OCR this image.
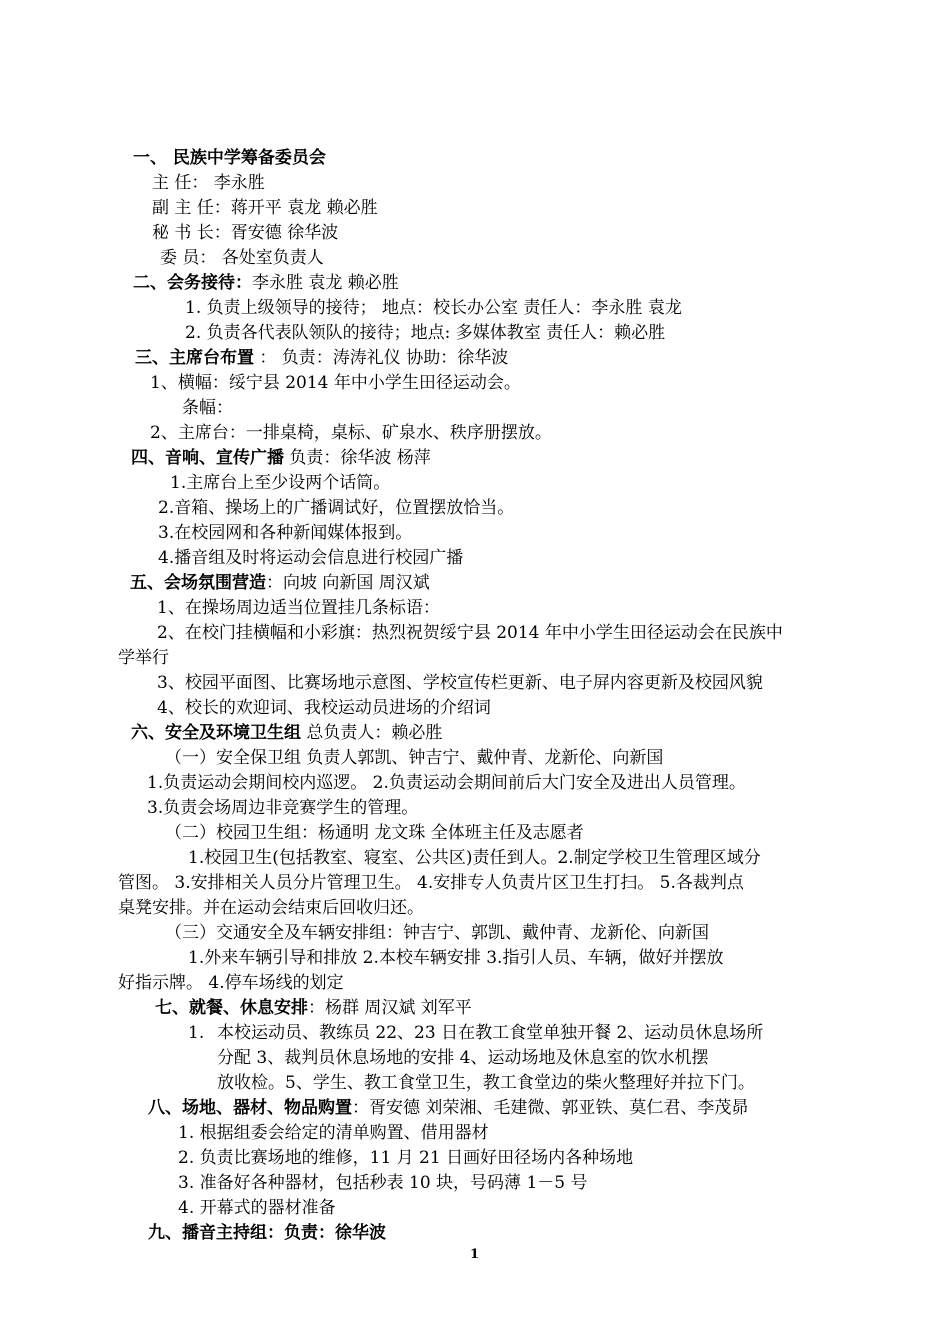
一、 民族中学筹备委员会
主 任： 李永胜
副 主 任：蒋开平 袁龙 赖必胜
秘 书 长：胥安德 徐华波
委 员： 各处室负责人
二、会务接待：李永胜 袁龙 赖必胜
1. 负责上级领导的接待； 地点：校长办公室 责任人：李永胜 袁龙
2. 负责各代表队领队的接待；地点: 多媒体教室 责任人：赖必胜
三、主席台布置 ： 负责：涛涛礼仪 协助：徐华波
1、横幅：绥宁县 2014 年中小学生田径运动会。
条幅：
2、主席台：一排桌椅，桌标、矿泉水、秩序册摆放。
四、音响、宣传广播 负责：徐华波 杨萍
1.主席台上至少设两个话筒。
2.音箱、操场上的广播调试好，位置摆放恰当。
3.在校园网和各种新闻媒体报到。
4.播音组及时将运动会信息进行校园广播
五、会场氛围营造：向坡 向新国 周汉斌
1、在操场周边适当位置挂几条标语：
2、在校门挂横幅和小彩旗：热烈祝贺绥宁县 2014 年中小学生田径运动会在民族中
学举行
3、校园平面图、比赛场地示意图、学校宣传栏更新、电子屏内容更新及校园风貌
4、校长的欢迎词、我校运动员进场的介绍词
六、安全及环境卫生组 总负责人：赖必胜
（一）安全保卫组 负责人郭凯、钟吉宁、戴仲青、龙新伦、向新国
1.负责运动会期间校内巡逻。 2.负责运动会期间前后大门安全及进出人员管理。
3.负责会场周边非竞赛学生的管理。
（二）校园卫生组：杨通明 龙文珠 全体班主任及志愿者
1.校园卫生(包括教室、寝室、公共区)责任到人。2.制定学校卫生管理区域分
管图。 3.安排相关人员分片管理卫生。 4.安排专人负责片区卫生打扫。 5.各裁判点
桌凳安排。并在运动会结束后回收归还。
（三）交通安全及车辆安排组：钟吉宁、郭凯、戴仲青、龙新伦、向新国
1.外来车辆引导和排放 2.本校车辆安排 3.指引人员、车辆，做好并摆放
好指示牌。 4.停车场线的划定
七、就餐、休息安排：杨群 周汉斌 刘军平
1. 本校运动员、教练员 22、23 日在教工食堂单独开餐 2、运动员休息场所
分配 3、裁判员休息场地的安排 4、运动场地及休息室的饮水机摆
放收检。5、学生、教工食堂卫生，教工食堂边的柴火整理好并拉下门。
八、场地、器材、物品购置：胥安德 刘荣湘、毛建微、郭亚铁、莫仁君、李茂昴
1. 根据组委会给定的清单购置、借用器材
2. 负责比赛场地的维修，11 月 21 日画好田径场内各种场地
3. 准备好各种器材，包括秒表 10 块，号码薄 1－5 号
4. 开幕式的器材准备
九、播音主持组：负责：徐华波
1
